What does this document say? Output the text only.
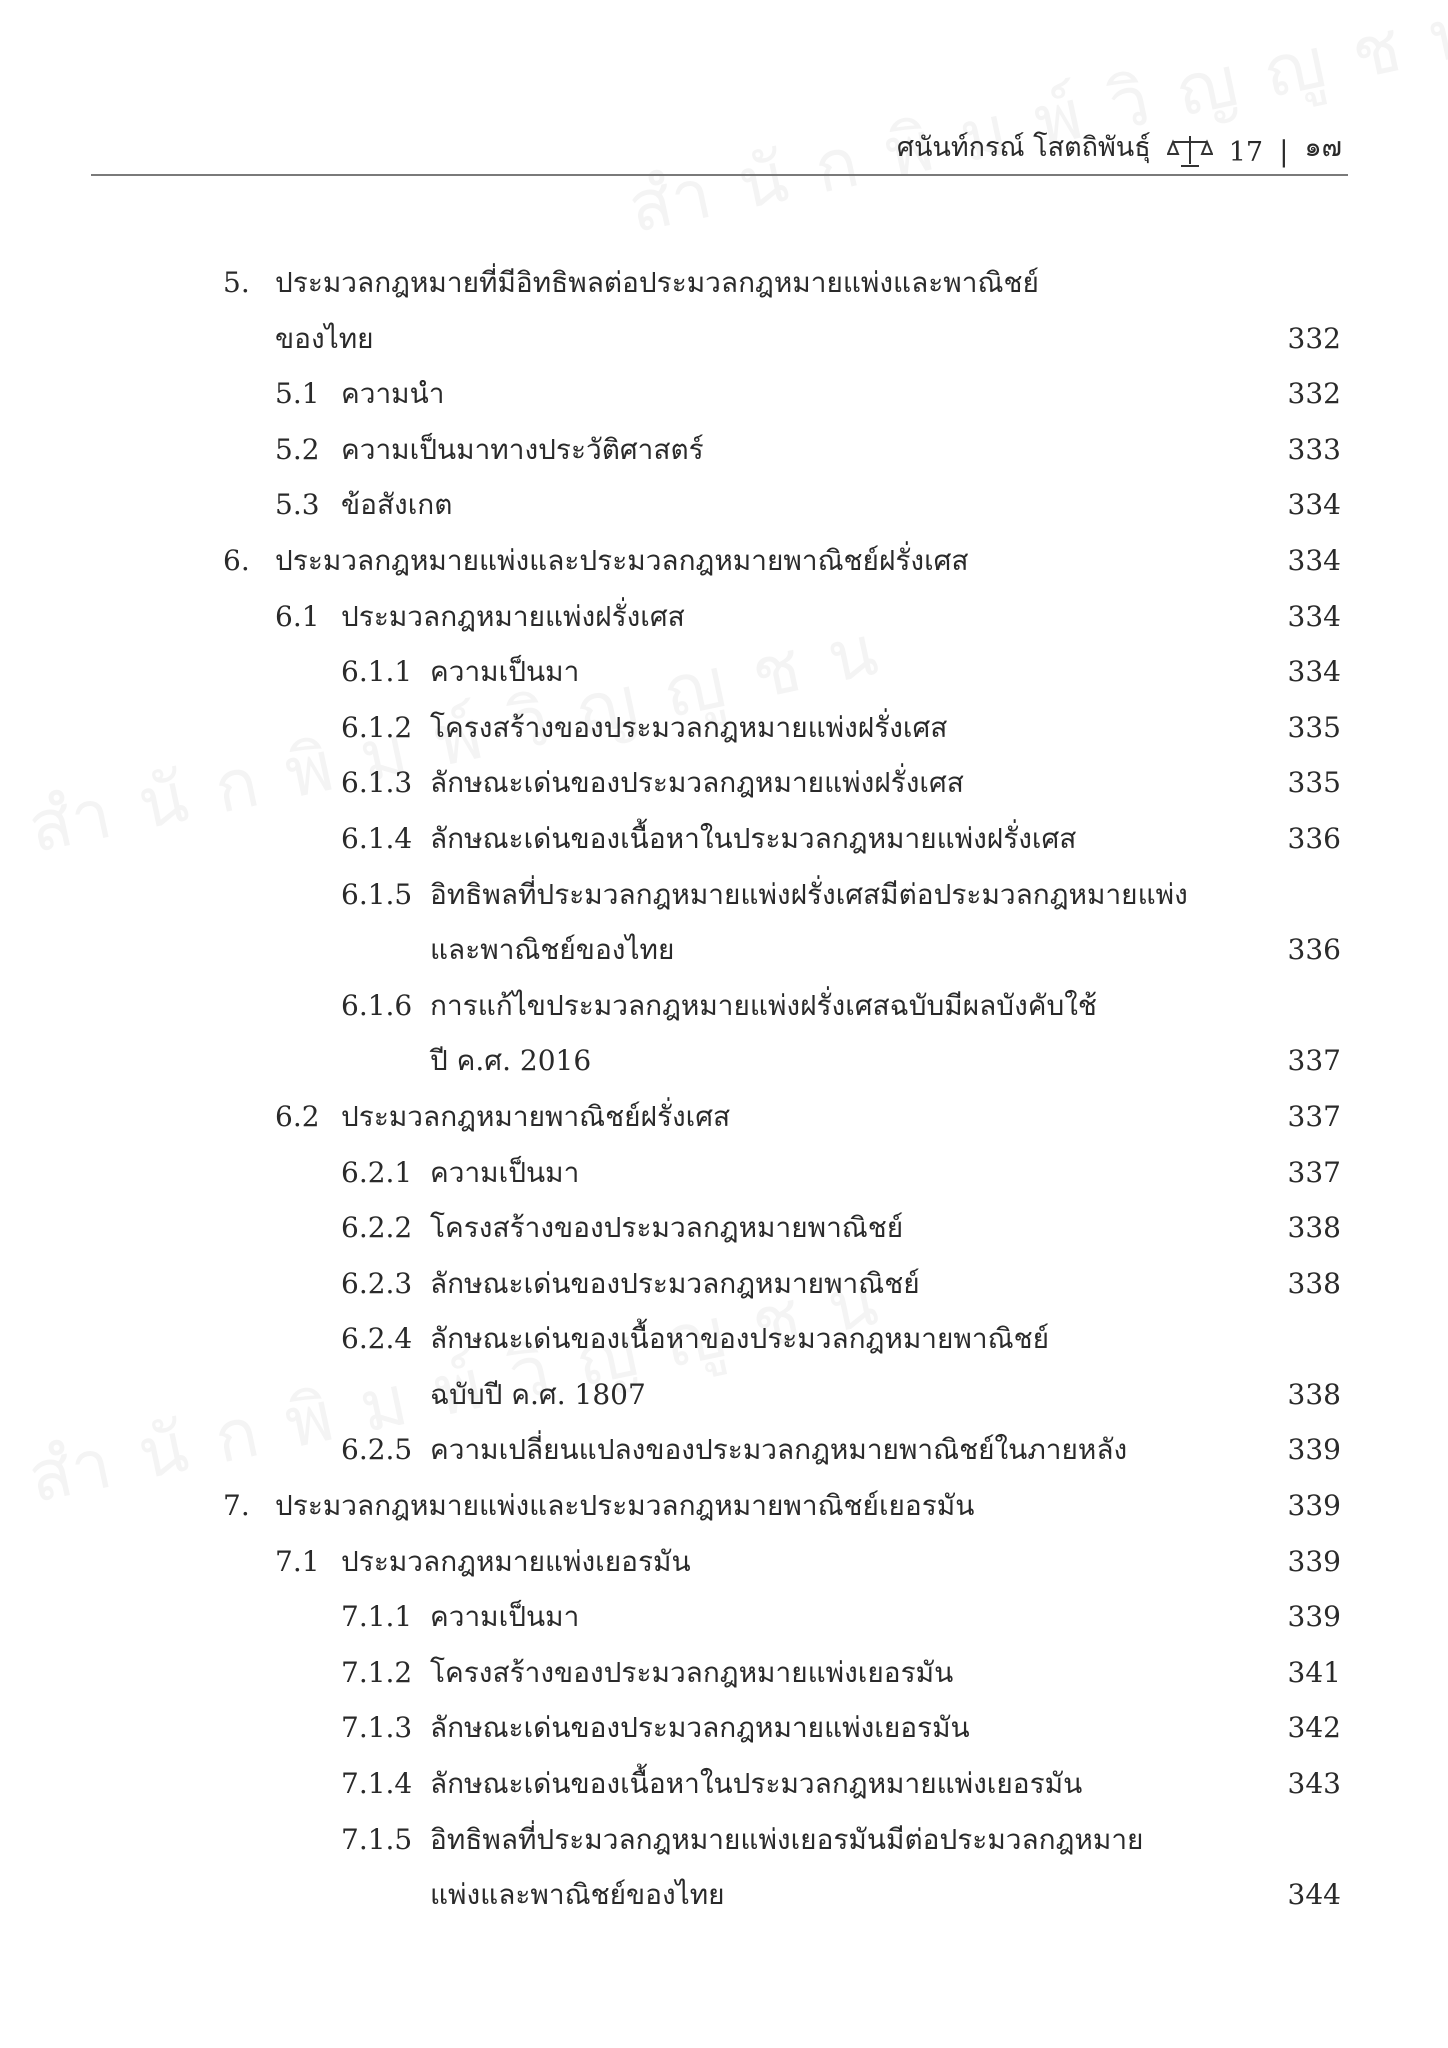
ศนันท์กรณ์ โสตถิพันธุ์	17 | ๑๗
5. ประมวลกฎหมายที่มีอิทธิพลต่อประมวลกฎหมายแพ่งและพาณิชย์
ของไทย	332
5.1 ความนำ	332
5.2 ความเป็นมาทางประวัติศาสตร์	333
5.3 ข้อสังเกต	334
6. ประมวลกฎหมายแพ่งและประมวลกฎหมายพาณิชย์ฝรั่งเศส	334
6.1 ประมวลกฎหมายแพ่งฝรั่งเศส	334
6.1.1 ความเป็นมา	334
6.1.2 โครงสร้างของประมวลกฎหมายแพ่งฝรั่งเศส	335
6.1.3 ลักษณะเด่นของประมวลกฎหมายแพ่งฝรั่งเศส	335
6.1.4 ลักษณะเด่นของเนื้อหาในประมวลกฎหมายแพ่งฝรั่งเศส	336
6.1.5 อิทธิพลที่ประมวลกฎหมายแพ่งฝรั่งเศสมีต่อประมวลกฎหมายแพ่ง
และพาณิชย์ของไทย	336
6.1.6 การแก้ไขประมวลกฎหมายแพ่งฝรั่งเศสฉบับมีผลบังคับใช้
ปี ค.ศ. 2016	337
6.2 ประมวลกฎหมายพาณิชย์ฝรั่งเศส	337
6.2.1 ความเป็นมา	337
6.2.2 โครงสร้างของประมวลกฎหมายพาณิชย์	338
6.2.3 ลักษณะเด่นของประมวลกฎหมายพาณิชย์	338
6.2.4 ลักษณะเด่นของเนื้อหาของประมวลกฎหมายพาณิชย์
ฉบับปี ค.ศ. 1807	338
6.2.5 ความเปลี่ยนแปลงของประมวลกฎหมายพาณิชย์ในภายหลัง	339
7. ประมวลกฎหมายแพ่งและประมวลกฎหมายพาณิชย์เยอรมัน	339
7.1 ประมวลกฎหมายแพ่งเยอรมัน	339
7.1.1 ความเป็นมา	339
7.1.2 โครงสร้างของประมวลกฎหมายแพ่งเยอรมัน	341
7.1.3 ลักษณะเด่นของประมวลกฎหมายแพ่งเยอรมัน	342
7.1.4 ลักษณะเด่นของเนื้อหาในประมวลกฎหมายแพ่งเยอรมัน	343
7.1.5 อิทธิพลที่ประมวลกฎหมายแพ่งเยอรมันมีต่อประมวลกฎหมาย
แพ่งและพาณิชย์ของไทย	344
